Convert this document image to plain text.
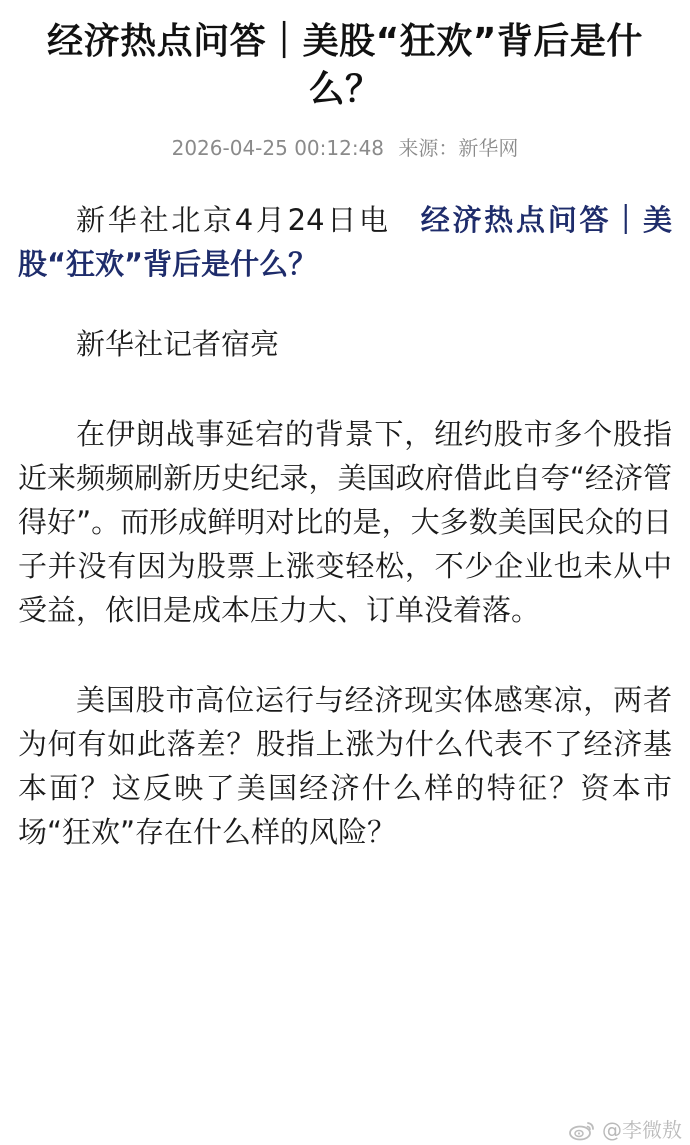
经济热点问答｜美股“狂欢”背后是什么？
2026-04-25 00:12:48 来源：新华网

新华社北京4月24日电 经济热点问答｜美股“狂欢”背后是什么？

新华社记者宿亮

在伊朗战事延宕的背景下，纽约股市多个股指近来频频刷新历史纪录，美国政府借此自夸“经济管得好”。而形成鲜明对比的是，大多数美国民众的日子并没有因为股票上涨变轻松，不少企业也未从中受益，依旧是成本压力大、订单没着落。

美国股市高位运行与经济现实体感寒凉，两者为何有如此落差？股指上涨为什么代表不了经济基本面？这反映了美国经济什么样的特征？资本市场“狂欢”存在什么样的风险？

@李微敖
